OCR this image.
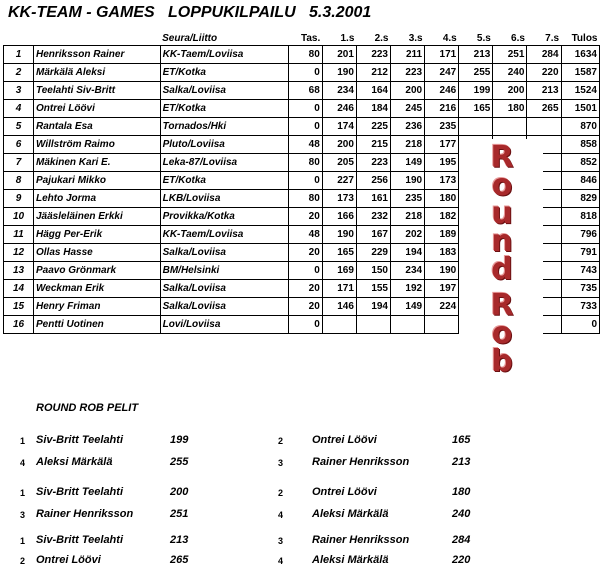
KK-TEAM - GAMES   LOPPUKILPAILU   5.3.2001
		Seura/Liitto	Tas.	1.s	2.s	3.s	4.s	5.s	6.s	7.s	Tulos
1	Henriksson Rainer	KK-Taem/Loviisa	80	201	223	211	171	213	251	284	1634
2	Märkälä Aleksi	ET/Kotka	0	190	212	223	247	255	240	220	1587
3	Teelahti Siv-Britt	Salka/Loviisa	68	234	164	200	246	199	200	213	1524
4	Ontrei Löövi	ET/Kotka	0	246	184	245	216	165	180	265	1501
5	Rantala Esa	Tornados/Hki	0	174	225	236	235				870
6	Willström Raimo	Pluto/Loviisa	48	200	215	218	177				858
7	Mäkinen Kari E.	Leka-87/Loviisa	80	205	223	149	195				852
8	Pajukari Mikko	ET/Kotka	0	227	256	190	173				846
9	Lehto Jorma	LKB/Loviisa	80	173	161	235	180				829
10	Jääsleläinen Erkki	Provikka/Kotka	20	166	232	218	182				818
11	Hägg Per-Erik	KK-Taem/Loviisa	48	190	167	202	189				796
12	Ollas Hasse	Salka/Loviisa	20	165	229	194	183				791
13	Paavo Grönmark	BM/Helsinki	0	169	150	234	190				743
14	Weckman Erik	Salka/Loviisa	20	171	155	192	197				735
15	Henry Friman	Salka/Loviisa	20	146	194	149	224				733
16	Pentti Uotinen	Lovi/Loviisa	0								0
R
o
u
n
d
R
o
b
ROUND ROB PELIT
1 Siv-Britt Teelahti	199	2	Ontrei Löövi	165
4 Aleksi Märkälä	255	3	Rainer Henriksson	213
1 Siv-Britt Teelahti	200	2	Ontrei Löövi	180
3 Rainer Henriksson	251	4	Aleksi Märkälä	240
1 Siv-Britt Teelahti	213	3	Rainer Henriksson	284
2 Ontrei Löövi	265	4	Aleksi Märkälä	220
